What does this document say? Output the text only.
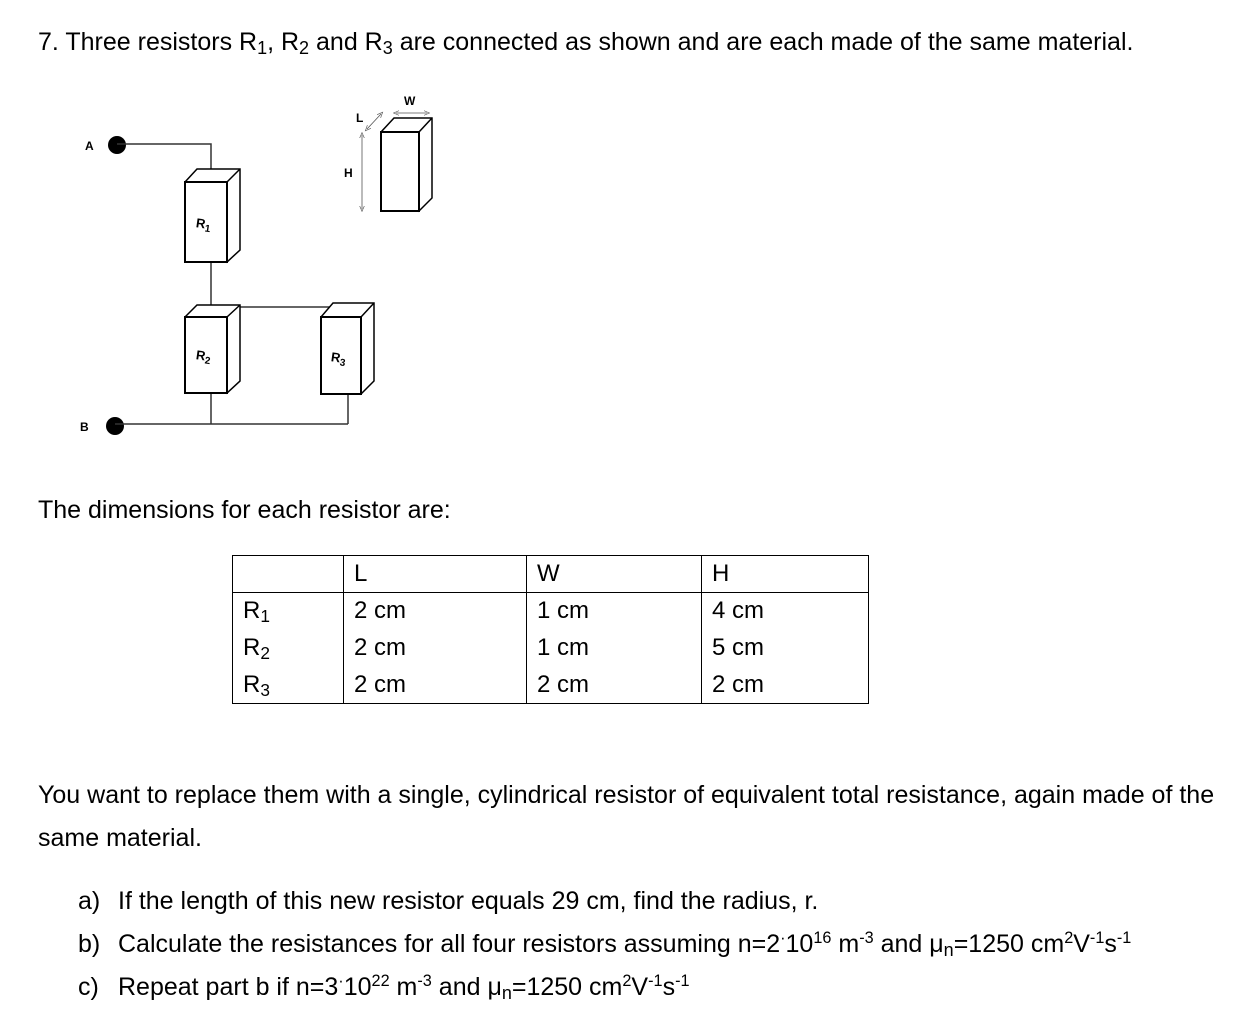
7. Three resistors $R_1$, $R_2$ and $R_3$ are connected as shown and are each made of the same material.
A
B
$R_1$
$R_2$	$R_3$
W
L
H
The dimensions for each resistor are:
	L	W	H
$R_1$	2 cm	1 cm	4 cm
$R_2$	2 cm	1 cm	5 cm
$R_3$	2 cm	2 cm	2 cm
You want to replace them with a single, cylindrical resistor of equivalent total resistance, again made of the same material.
a) If the length of this new resistor equals 29 cm, find the radius, r.
b) Calculate the resistances for all four resistors assuming $n=2^\cdot 10^{16}$ $m^{-3}$ and $\mu_n=1250$ $cm^2V^{-1}s^{-1}$
c) Repeat part b if $n=3^\cdot 10^{22}$ $m^{-3}$ and $\mu_n=1250$ $cm^2V^{-1}s^{-1}$
